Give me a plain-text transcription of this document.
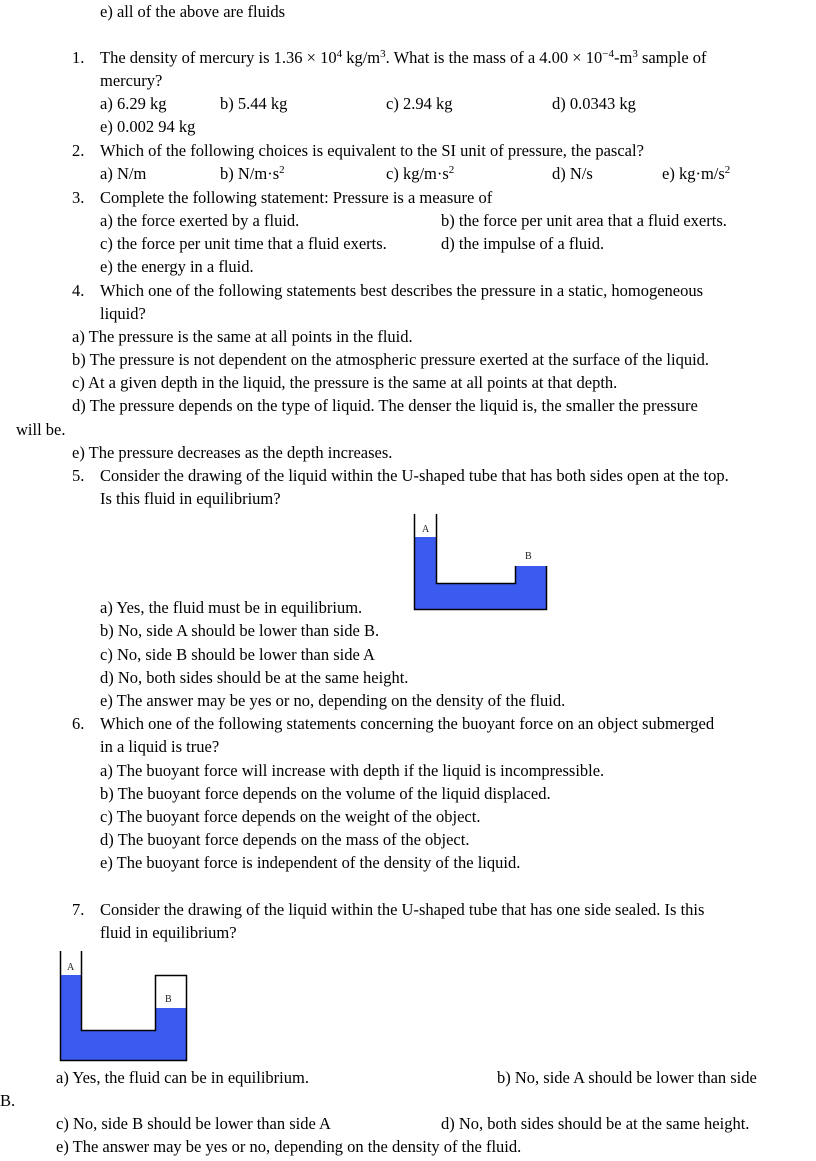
e) all of the above are fluids
1. The density of mercury is $1.36 \times 10^4$ $kg/m^3$. What is the mass of a $4.00 \times 10^{-4}-m^3$ sample of
mercury?
a) 6.29 kg	b) 5.44 kg	c) 2.94 kg	d) 0.0343 kg
e) 0.002 94 kg
2. Which of the following choices is equivalent to the SI unit of pressure, the pascal?
a) N/m	b) $N/m\cdot s^2$	c) $kg/m\cdot s^2$	d) N/s	e) $kg\cdot m/s^2$
3. Complete the following statement: Pressure is a measure of
a) the force exerted by a fluid.	b) the force per unit area that a fluid exerts.
c) the force per unit time that a fluid exerts.	d) the impulse of a fluid.
e) the energy in a fluid.
4. Which one of the following statements best describes the pressure in a static, homogeneous
liquid?
a) The pressure is the same at all points in the fluid.
b) The pressure is not dependent on the atmospheric pressure exerted at the surface of the liquid.
c) At a given depth in the liquid, the pressure is the same at all points at that depth.
d) The pressure depends on the type of liquid. The denser the liquid is, the smaller the pressure
will be.
e) The pressure decreases as the depth increases.
5. Consider the drawing of the liquid within the U-shaped tube that has both sides open at the top.
Is this fluid in equilibrium?
A
B
a) Yes, the fluid must be in equilibrium.
b) No, side A should be lower than side B.
c) No, side B should be lower than side A
d) No, both sides should be at the same height.
e) The answer may be yes or no, depending on the density of the fluid.
6. Which one of the following statements concerning the buoyant force on an object submerged
in a liquid is true?
a) The buoyant force will increase with depth if the liquid is incompressible.
b) The buoyant force depends on the volume of the liquid displaced.
c) The buoyant force depends on the weight of the object.
d) The buoyant force depends on the mass of the object.
e) The buoyant force is independent of the density of the liquid.
7. Consider the drawing of the liquid within the U-shaped tube that has one side sealed. Is this
fluid in equilibrium?
A
B
a) Yes, the fluid can be in equilibrium.	b) No, side A should be lower than side
B.
c) No, side B should be lower than side A	d) No, both sides should be at the same height.
e) The answer may be yes or no, depending on the density of the fluid.
